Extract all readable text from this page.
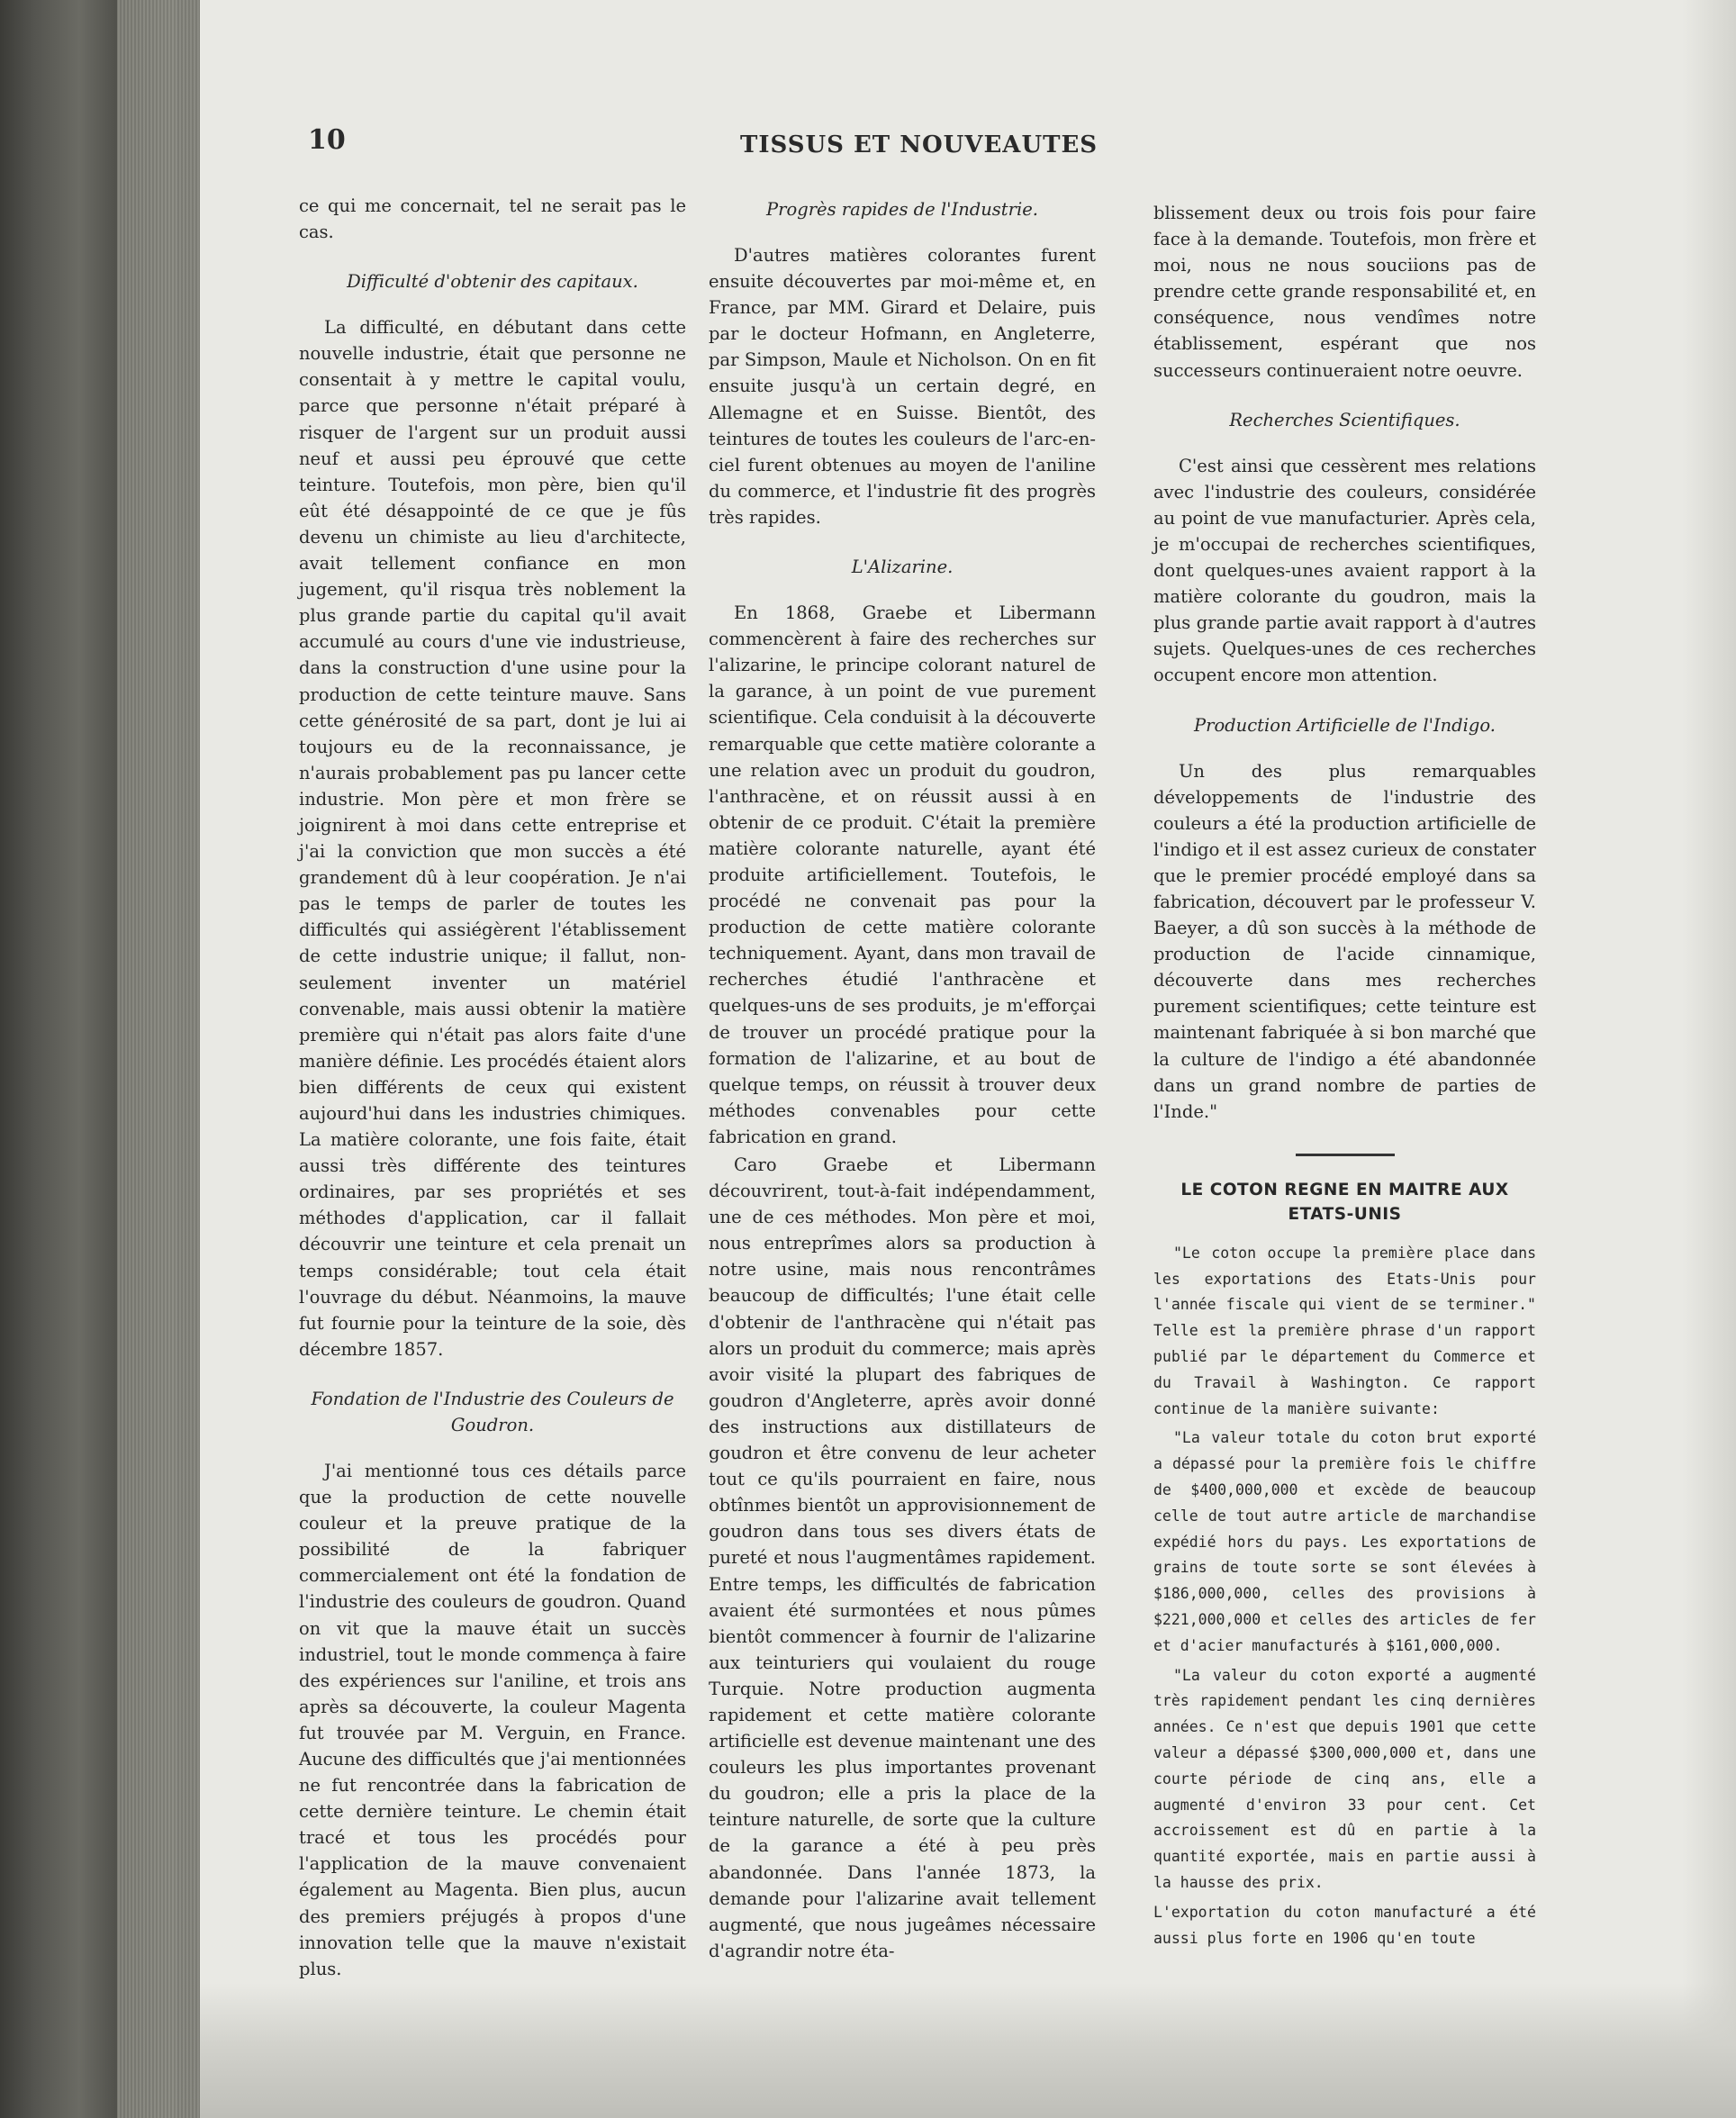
10	TISSUS ET NOUVEAUTES

ce qui me concernait, tel ne serait pas le cas.

Difficulté d'obtenir des capitaux.

La difficulté, en débutant dans cette nouvelle industrie, était que personne ne consentait à y mettre le capital voulu, parce que personne n'était préparé à risquer de l'argent sur un produit aussi neuf et aussi peu éprouvé que cette teinture. Toutefois, mon père, bien qu'il eût été désappointé de ce que je fûs devenu un chimiste au lieu d'architecte, avait tellement confiance en mon jugement, qu'il risqua très noblement la plus grande partie du capital qu'il avait accumulé au cours d'une vie industrieuse, dans la construction d'une usine pour la production de cette teinture mauve. Sans cette générosité de sa part, dont je lui ai toujours eu de la reconnaissance, je n'aurais probablement pas pu lancer cette industrie. Mon père et mon frère se joignirent à moi dans cette entreprise et j'ai la conviction que mon succès a été grandement dû à leur coopération. Je n'ai pas le temps de parler de toutes les difficultés qui assiégèrent l'établissement de cette industrie unique; il fallut, non-seulement inventer un matériel convenable, mais aussi obtenir la matière première qui n'était pas alors faite d'une manière définie. Les procédés étaient alors bien différents de ceux qui existent aujourd'hui dans les industries chimiques. La matière colorante, une fois faite, était aussi très différente des teintures ordinaires, par ses propriétés et ses méthodes d'application, car il fallait découvrir une teinture et cela prenait un temps considérable; tout cela était l'ouvrage du début. Néanmoins, la mauve fut fournie pour la teinture de la soie, dès décembre 1857.

Fondation de l'Industrie des Couleurs de Goudron.

J'ai mentionné tous ces détails parce que la production de cette nouvelle couleur et la preuve pratique de la possibilité de la fabriquer commercialement ont été la fondation de l'industrie des couleurs de goudron. Quand on vit que la mauve était un succès industriel, tout le monde commença à faire des expériences sur l'aniline, et trois ans après sa découverte, la couleur Magenta fut trouvée par M. Verguin, en France. Aucune des difficultés que j'ai mentionnées ne fut rencontrée dans la fabrication de cette dernière teinture. Le chemin était tracé et tous les procédés pour l'application de la mauve convenaient également au Magenta. Bien plus, aucun des premiers préjugés à propos d'une innovation telle que la mauve n'existait plus.

Progrès rapides de l'Industrie.

D'autres matières colorantes furent ensuite découvertes par moi-même et, en France, par MM. Girard et Delaire, puis par le docteur Hofmann, en Angleterre, par Simpson, Maule et Nicholson. On en fit ensuite jusqu'à un certain degré, en Allemagne et en Suisse. Bientôt, des teintures de toutes les couleurs de l'arc-en-ciel furent obtenues au moyen de l'aniline du commerce, et l'industrie fit des progrès très rapides.

L'Alizarine.

En 1868, Graebe et Libermann commencèrent à faire des recherches sur l'alizarine, le principe colorant naturel de la garance, à un point de vue purement scientifique. Cela conduisit à la découverte remarquable que cette matière colorante a une relation avec un produit du goudron, l'anthracène, et on réussit aussi à en obtenir de ce produit. C'était la première matière colorante naturelle, ayant été produite artificiellement. Toutefois, le procédé ne convenait pas pour la production de cette matière colorante techniquement. Ayant, dans mon travail de recherches étudié l'anthracène et quelques-uns de ses produits, je m'efforçai de trouver un procédé pratique pour la formation de l'alizarine, et au bout de quelque temps, on réussit à trouver deux méthodes convenables pour cette fabrication en grand.

Caro Graebe et Libermann découvrirent, tout-à-fait indépendamment, une de ces méthodes. Mon père et moi, nous entreprîmes alors sa production à notre usine, mais nous rencontrâmes beaucoup de difficultés; l'une était celle d'obtenir de l'anthracène qui n'était pas alors un produit du commerce; mais après avoir visité la plupart des fabriques de goudron d'Angleterre, après avoir donné des instructions aux distillateurs de goudron et être convenu de leur acheter tout ce qu'ils pourraient en faire, nous obtînmes bientôt un approvisionnement de goudron dans tous ses divers états de pureté et nous l'augmentâmes rapidement. Entre temps, les difficultés de fabrication avaient été surmontées et nous pûmes bientôt commencer à fournir de l'alizarine aux teinturiers qui voulaient du rouge Turquie. Notre production augmenta rapidement et cette matière colorante artificielle est devenue maintenant une des couleurs les plus importantes provenant du goudron; elle a pris la place de la teinture naturelle, de sorte que la culture de la garance a été à peu près abandonnée. Dans l'année 1873, la demande pour l'alizarine avait tellement augmenté, que nous jugeâmes nécessaire d'agrandir notre éta-

blissement deux ou trois fois pour faire face à la demande. Toutefois, mon frère et moi, nous ne nous souciions pas de prendre cette grande responsabilité et, en conséquence, nous vendîmes notre établissement, espérant que nos successeurs continueraient notre oeuvre.

Recherches Scientifiques.

C'est ainsi que cessèrent mes relations avec l'industrie des couleurs, considérée au point de vue manufacturier. Après cela, je m'occupai de recherches scientifiques, dont quelques-unes avaient rapport à la matière colorante du goudron, mais la plus grande partie avait rapport à d'autres sujets. Quelques-unes de ces recherches occupent encore mon attention.

Production Artificielle de l'Indigo.

Un des plus remarquables développements de l'industrie des couleurs a été la production artificielle de l'indigo et il est assez curieux de constater que le premier procédé employé dans sa fabrication, découvert par le professeur V. Baeyer, a dû son succès à la méthode de production de l'acide cinnamique, découverte dans mes recherches purement scientifiques; cette teinture est maintenant fabriquée à si bon marché que la culture de l'indigo a été abandonnée dans un grand nombre de parties de l'Inde."

LE COTON REGNE EN MAITRE AUX ETATS-UNIS

"Le coton occupe la première place dans les exportations des Etats-Unis pour l'année fiscale qui vient de se terminer." Telle est la première phrase d'un rapport publié par le département du Commerce et du Travail à Washington. Ce rapport continue de la manière suivante:

"La valeur totale du coton brut exporté a dépassé pour la première fois le chiffre de $400,000,000 et excède de beaucoup celle de tout autre article de marchandise expédié hors du pays. Les exportations de grains de toute sorte se sont élevées à $186,000,000, celles des provisions à $221,000,000 et celles des articles de fer et d'acier manufacturés à $161,000,000.

"La valeur du coton exporté a augmenté très rapidement pendant les cinq dernières années. Ce n'est que depuis 1901 que cette valeur a dépassé $300,000,000 et, dans une courte période de cinq ans, elle a augmenté d'environ 33 pour cent. Cet accroissement est dû en partie à la quantité exportée, mais en partie aussi à la hausse des prix.

L'exportation du coton manufacturé a été aussi plus forte en 1906 qu'en toute
